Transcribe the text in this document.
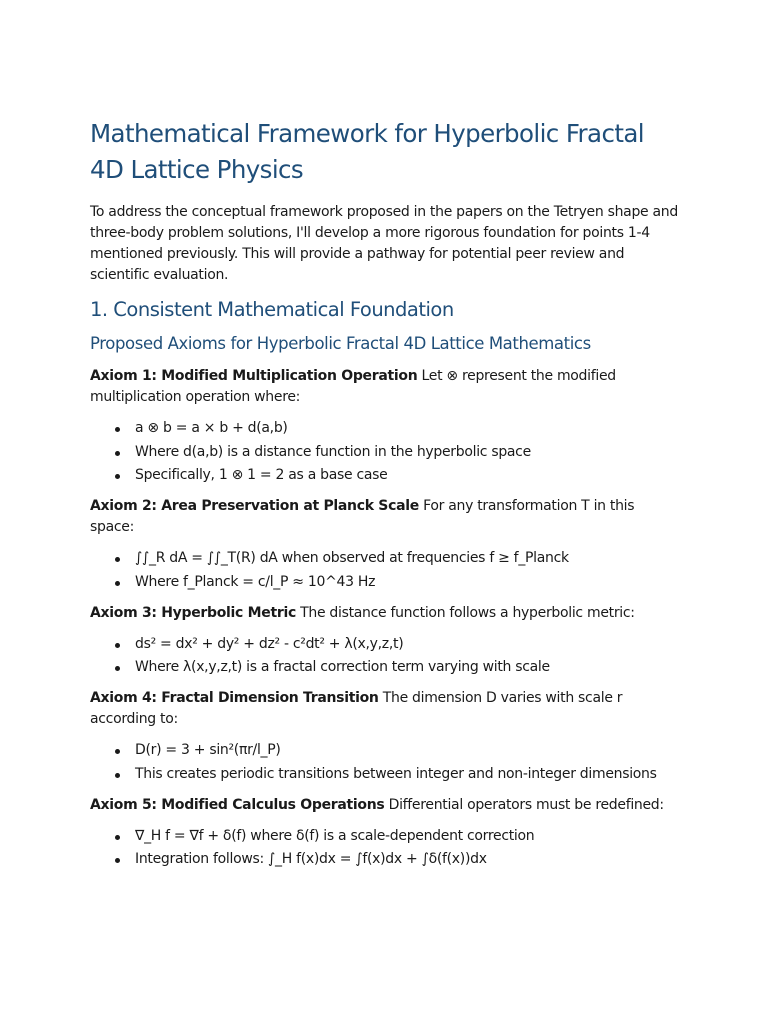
Mathematical Framework for Hyperbolic Fractal 4D Lattice Physics

To address the conceptual framework proposed in the papers on the Tetryen shape and three-body problem solutions, I'll develop a more rigorous foundation for points 1-4 mentioned previously. This will provide a pathway for potential peer review and scientific evaluation.

1. Consistent Mathematical Foundation
Proposed Axioms for Hyperbolic Fractal 4D Lattice Mathematics

Axiom 1: Modified Multiplication Operation Let ⊗ represent the modified multiplication operation where:

a ⊗ b = a × b + d(a,b)
Where d(a,b) is a distance function in the hyperbolic space
Specifically, 1 ⊗ 1 = 2 as a base case

Axiom 2: Area Preservation at Planck Scale For any transformation T in this space:

∫∫_R dA = ∫∫_T(R) dA when observed at frequencies f ≥ f_Planck
Where f_Planck = c/l_P ≈ 10^43 Hz

Axiom 3: Hyperbolic Metric The distance function follows a hyperbolic metric:

ds² = dx² + dy² + dz² - c²dt² + λ(x,y,z,t)
Where λ(x,y,z,t) is a fractal correction term varying with scale

Axiom 4: Fractal Dimension Transition The dimension D varies with scale r according to:

D(r) = 3 + sin²(πr/l_P)
This creates periodic transitions between integer and non-integer dimensions

Axiom 5: Modified Calculus Operations Differential operators must be redefined:

∇_H f = ∇f + δ(f) where δ(f) is a scale-dependent correction
Integration follows: ∫_H f(x)dx = ∫f(x)dx + ∫δ(f(x))dx
